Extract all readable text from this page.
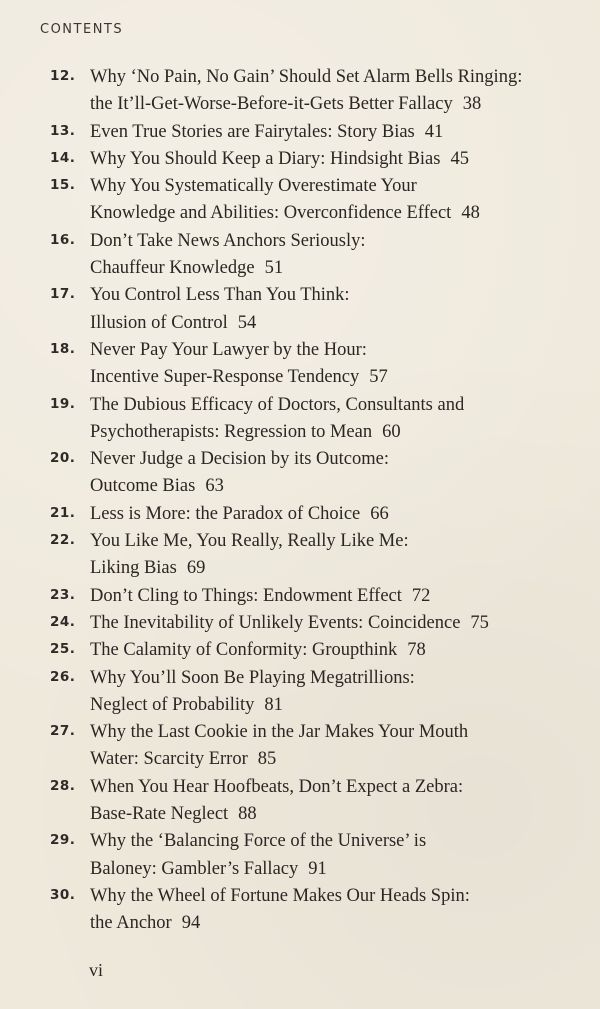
CONTENTS
12. Why ‘No Pain, No Gain’ Should Set Alarm Bells Ringing:
the It’ll-Get-Worse-Before-it-Gets Better Fallacy 38
13. Even True Stories are Fairytales: Story Bias 41
14. Why You Should Keep a Diary: Hindsight Bias 45
15. Why You Systematically Overestimate Your
Knowledge and Abilities: Overconfidence Effect 48
16. Don’t Take News Anchors Seriously:
Chauffeur Knowledge 51
17. You Control Less Than You Think:
Illusion of Control 54
18. Never Pay Your Lawyer by the Hour:
Incentive Super-Response Tendency 57
19. The Dubious Efficacy of Doctors, Consultants and
Psychotherapists: Regression to Mean 60
20. Never Judge a Decision by its Outcome:
Outcome Bias 63
21. Less is More: the Paradox of Choice 66
22. You Like Me, You Really, Really Like Me:
Liking Bias 69
23. Don’t Cling to Things: Endowment Effect 72
24. The Inevitability of Unlikely Events: Coincidence 75
25. The Calamity of Conformity: Groupthink 78
26. Why You’ll Soon Be Playing Megatrillions:
Neglect of Probability 81
27. Why the Last Cookie in the Jar Makes Your Mouth
Water: Scarcity Error 85
28. When You Hear Hoofbeats, Don’t Expect a Zebra:
Base-Rate Neglect 88
29. Why the ‘Balancing Force of the Universe’ is
Baloney: Gambler’s Fallacy 91
30. Why the Wheel of Fortune Makes Our Heads Spin:
the Anchor 94
vi
